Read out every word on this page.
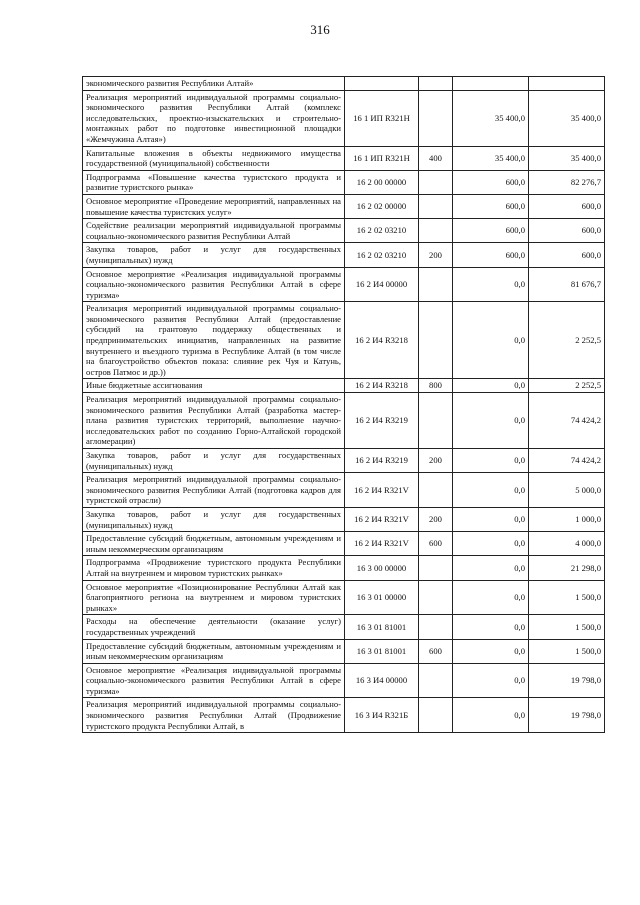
316
экономического развития Республики Алтай»				
Реализация мероприятий индивидуальной программы социально-экономического развития Республики Алтай (комплекс исследовательских, проектно-изыскательских и строительно-монтажных работ по подготовке инвестиционной площадки «Жемчужина Алтая»)	16 1 ИП R321Н		35 400,0	35 400,0
Капитальные вложения в объекты недвижимого имущества государственной (муниципальной) собственности	16 1 ИП R321Н	400	35 400,0	35 400,0
Подпрограмма «Повышение качества туристского продукта и развитие туристского рынка»	16 2 00 00000		600,0	82 276,7
Основное мероприятие «Проведение мероприятий, направленных на повышение качества туристских услуг»	16 2 02 00000		600,0	600,0
Содействие реализации мероприятий индивидуальной программы социально-экономического развития Республики Алтай	16 2 02 03210		600,0	600,0
Закупка товаров, работ и услуг для государственных (муниципальных) нужд	16 2 02 03210	200	600,0	600,0
Основное мероприятие «Реализация индивидуальной программы социально-экономического развития Республики Алтай в сфере туризма»	16 2 И4 00000		0,0	81 676,7
Реализация мероприятий индивидуальной программы социально-экономического развития Республики Алтай (предоставление субсидий на грантовую поддержку общественных и предпринимательских инициатив, направленных на развитие внутреннего и въездного туризма в Республике Алтай (в том числе на благоустройство объектов показа: слияние рек Чуя и Катунь, остров Патмос и др.))	16 2 И4 R3218		0,0	2 252,5
Иные бюджетные ассигнования	16 2 И4 R3218	800	0,0	2 252,5
Реализация мероприятий индивидуальной программы социально-экономического развития Республики Алтай (разработка мастер-плана развития туристских территорий, выполнение научно-исследовательских работ по созданию Горно-Алтайской городской агломерации)	16 2 И4 R3219		0,0	74 424,2
Закупка товаров, работ и услуг для государственных (муниципальных) нужд	16 2 И4 R3219	200	0,0	74 424,2
Реализация мероприятий индивидуальной программы социально-экономического развития Республики Алтай (подготовка кадров для туристской отрасли)	16 2 И4 R321V		0,0	5 000,0
Закупка товаров, работ и услуг для государственных (муниципальных) нужд	16 2 И4 R321V	200	0,0	1 000,0
Предоставление субсидий бюджетным, автономным учреждениям и иным некоммерческим организациям	16 2 И4 R321V	600	0,0	4 000,0
Подпрограмма «Продвижение туристского продукта Республики Алтай на внутреннем и мировом туристских рынках»	16 3 00 00000		0,0	21 298,0
Основное мероприятие «Позиционирование Республики Алтай как благоприятного региона на внутреннем и мировом туристских рынках»	16 3 01 00000		0,0	1 500,0
Расходы на обеспечение деятельности (оказание услуг) государственных учреждений	16 3 01 81001		0,0	1 500,0
Предоставление субсидий бюджетным, автономным учреждениям и иным некоммерческим организациям	16 3 01 81001	600	0,0	1 500,0
Основное мероприятие «Реализация индивидуальной программы социально-экономического развития Республики Алтай в сфере туризма»	16 3 И4 00000		0,0	19 798,0
Реализация мероприятий индивидуальной программы социально-экономического развития Республики Алтай (Продвижение туристского продукта Республики Алтай, в	16 3 И4 R321Б		0,0	19 798,0
